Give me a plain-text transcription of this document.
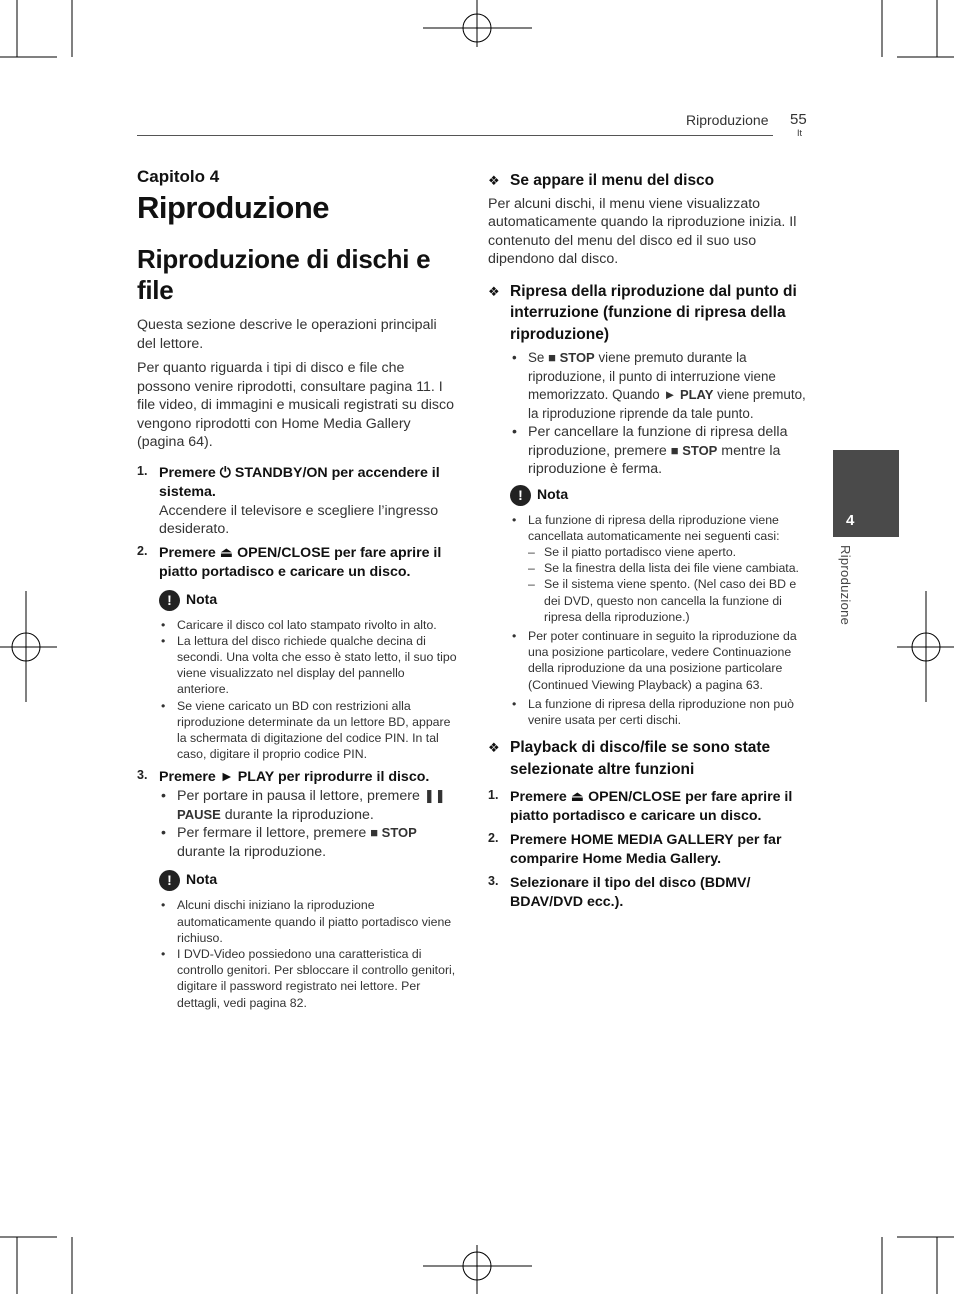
Riproduzione 55
It
4
Riproduzione
Capitolo 4
Riproduzione
Riproduzione di dischi e file

Questa sezione descrive le operazioni principali del lettore.

Per quanto riguarda i tipi di disco e file che possono venire riprodotti, consultare pagina 11. I file video, di immagini e musicali registrati su disco vengono riprodotti con Home Media Gallery (pagina 64).

1. Premere ⏻ STANDBY/ON per accendere il sistema.
Accendere il televisore e scegliere l’ingresso desiderato.
2. Premere ⏏ OPEN/CLOSE per fare aprire il piatto portadisco e caricare un disco.
! Nota
• Caricare il disco col lato stampato rivolto in alto.
• La lettura del disco richiede qualche decina di secondi. Una volta che esso è stato letto, il suo tipo viene visualizzato nel display del pannello anteriore.
• Se viene caricato un BD con restrizioni alla riproduzione determinate da un lettore BD, appare la schermata di digitazione del codice PIN. In tal caso, digitare il proprio codice PIN.
3. Premere ► PLAY per riprodurre il disco.
• Per portare in pausa il lettore, premere ❚❚ PAUSE durante la riproduzione.
• Per fermare il lettore, premere ■ STOP durante la riproduzione.
! Nota
• Alcuni dischi iniziano la riproduzione automaticamente quando il piatto portadisco viene richiuso.
• I DVD-Video possiedono una caratteristica di controllo genitori. Per sbloccare il controllo genitori, digitare il password registrato nei lettore. Per dettagli, vedi pagina 82.
❖ Se appare il menu del disco

Per alcuni dischi, il menu viene visualizzato automaticamente quando la riproduzione inizia. Il contenuto del menu del disco ed il suo uso dipendono dal disco.

❖ Ripresa della riproduzione dal punto di interruzione (funzione di ripresa della riproduzione)
• Se ■ STOP viene premuto durante la riproduzione, il punto di interruzione viene memorizzato. Quando ► PLAY viene premuto, la riproduzione riprende da tale punto.
• Per cancellare la funzione di ripresa della riproduzione, premere ■ STOP mentre la riproduzione è ferma.
! Nota
• La funzione di ripresa della riproduzione viene cancellata automaticamente nei seguenti casi:
– Se il piatto portadisco viene aperto.
– Se la finestra della lista dei file viene cambiata.
– Se il sistema viene spento. (Nel caso dei BD e dei DVD, questo non cancella la funzione di ripresa della riproduzione.)
• Per poter continuare in seguito la riproduzione da una posizione particolare, vedere Continuazione della riproduzione da una posizione particolare (Continued Viewing Playback) a pagina 63.
• La funzione di ripresa della riproduzione non può venire usata per certi dischi.
❖ Playback di disco/file se sono state selezionate altre funzioni
1. Premere ⏏ OPEN/CLOSE per fare aprire il piatto portadisco e caricare un disco.
2. Premere HOME MEDIA GALLERY per far comparire Home Media Gallery.
3. Selezionare il tipo del disco (BDMV/ BDAV/DVD ecc.).
